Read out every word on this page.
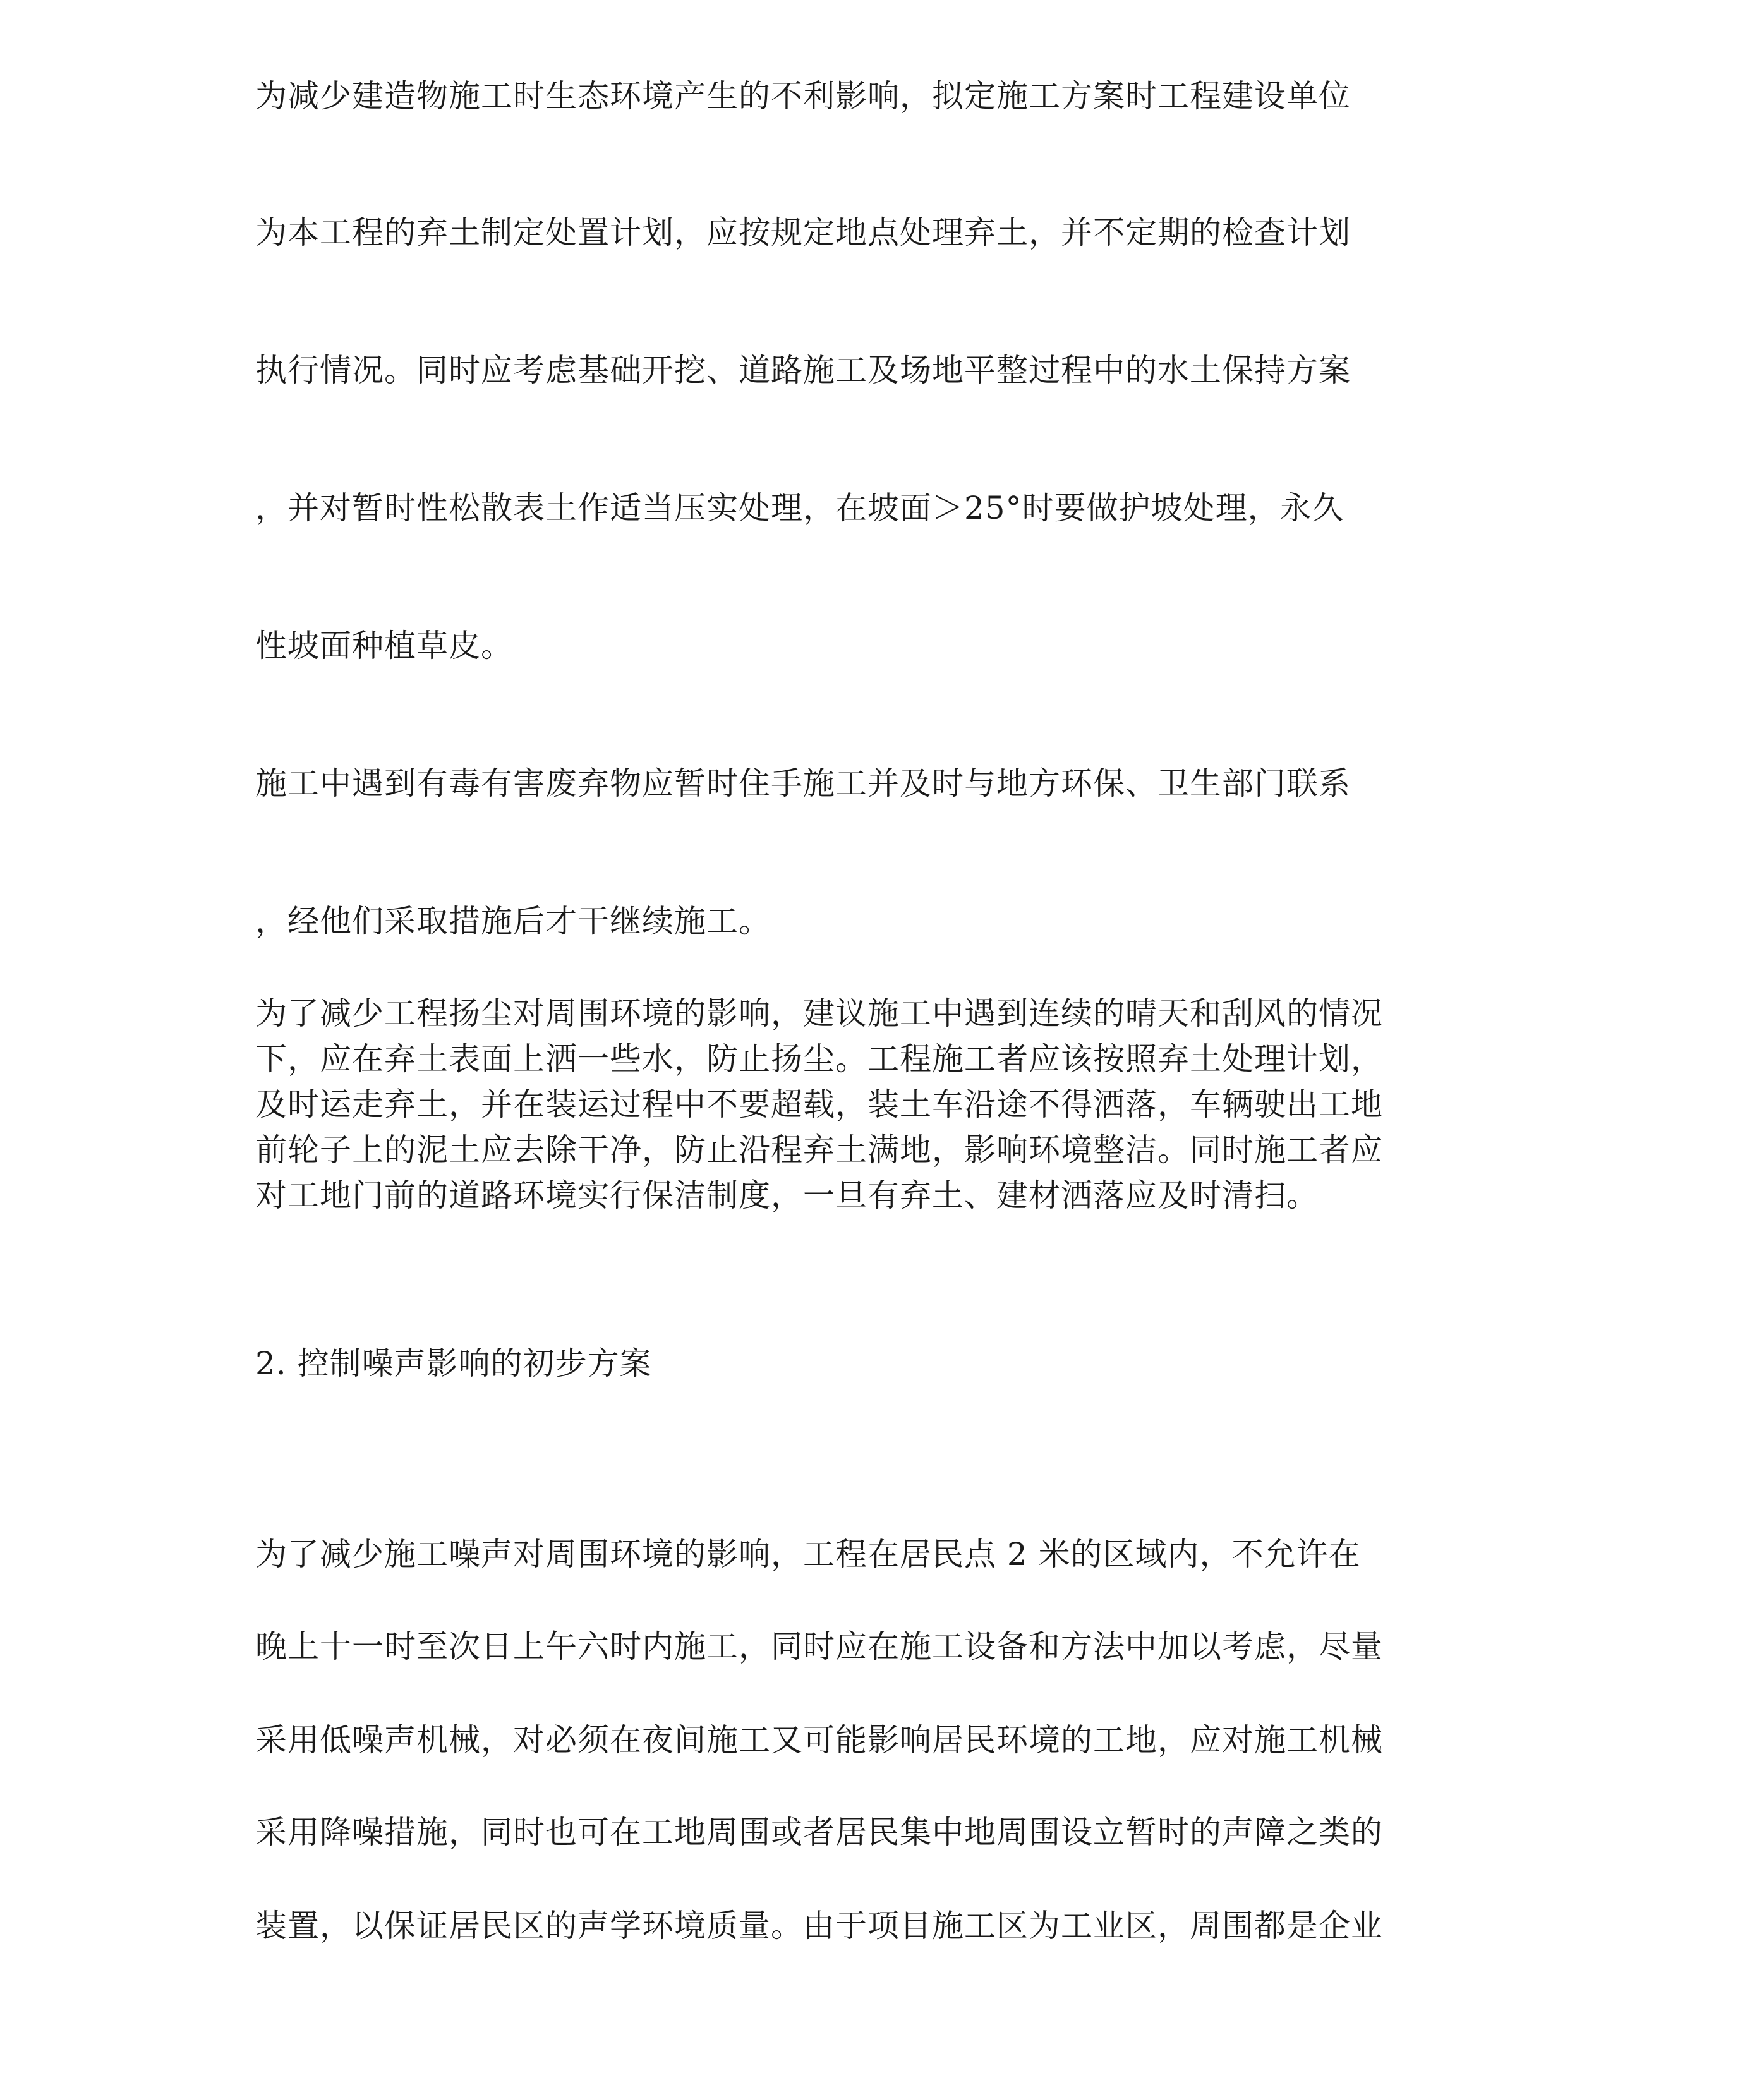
为减少建造物施工时生态环境产生的不利影响，拟定施工方案时工程建设单位
为本工程的弃土制定处置计划，应按规定地点处理弃土，并不定期的检查计划
执行情况。同时应考虑基础开挖、道路施工及场地平整过程中的水土保持方案
，并对暂时性松散表土作适当压实处理，在坡面＞25°时要做护坡处理，永久
性坡面种植草皮。
施工中遇到有毒有害废弃物应暂时住手施工并及时与地方环保、卫生部门联系
，经他们采取措施后才干继续施工。
为了减少工程扬尘对周围环境的影响，建议施工中遇到连续的晴天和刮风的情况
下，应在弃土表面上洒一些水，防止扬尘。工程施工者应该按照弃土处理计划，
及时运走弃土，并在装运过程中不要超载，装土车沿途不得洒落，车辆驶出工地
前轮子上的泥土应去除干净，防止沿程弃土满地，影响环境整洁。同时施工者应
对工地门前的道路环境实行保洁制度，一旦有弃土、建材洒落应及时清扫。
2. 控制噪声影响的初步方案
为了减少施工噪声对周围环境的影响，工程在居民点 2 米的区域内，不允许在
晚上十一时至次日上午六时内施工，同时应在施工设备和方法中加以考虑，尽量
采用低噪声机械，对必须在夜间施工又可能影响居民环境的工地，应对施工机械
采用降噪措施，同时也可在工地周围或者居民集中地周围设立暂时的声障之类的
装置，以保证居民区的声学环境质量。由于项目施工区为工业区，周围都是企业
